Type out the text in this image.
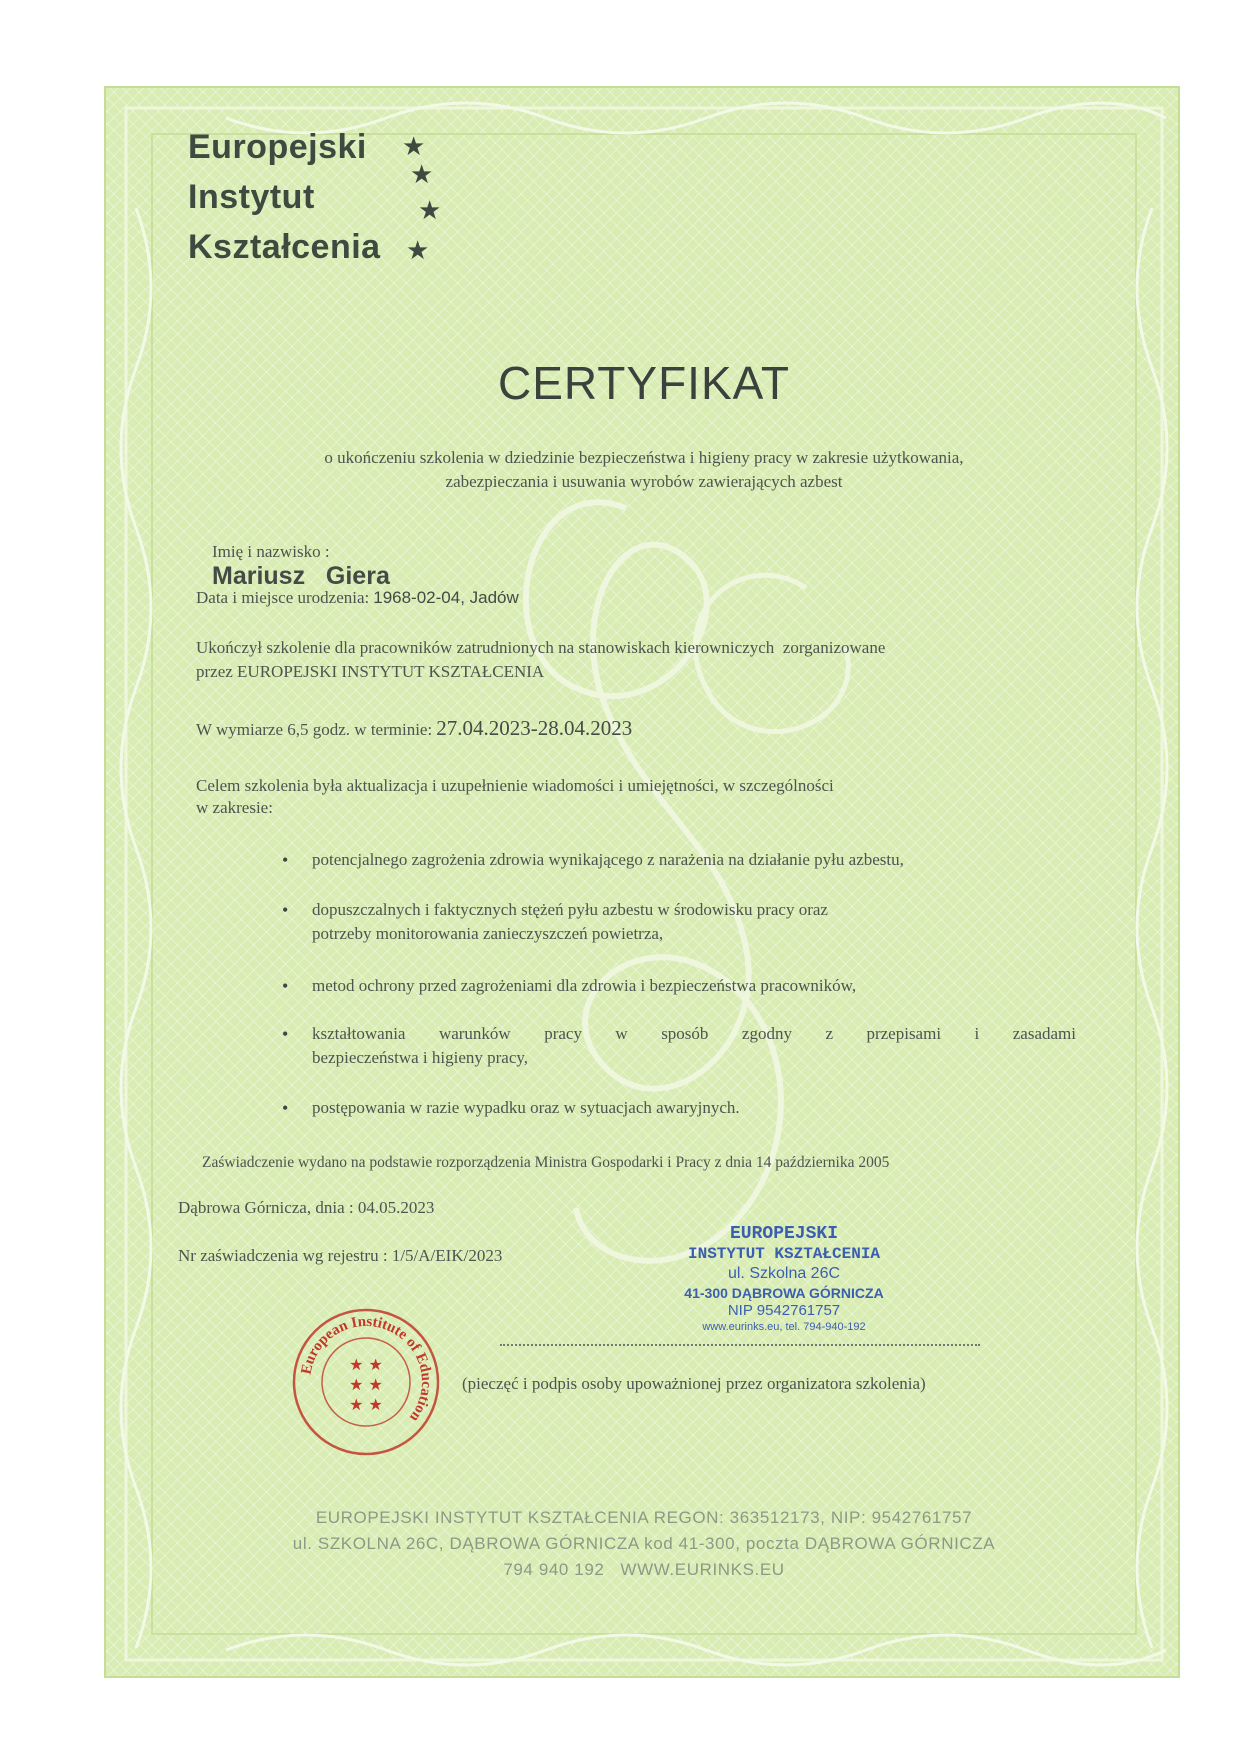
Europejski
Instytut
Kształcenia
★
★
★
★
CERTYFIKAT
o ukończeniu szkolenia w dziedzinie bezpieczeństwa i higieny pracy w zakresie użytkowania,
zabezpieczania i usuwania wyrobów zawierających azbest

Imię i nazwisko :
Mariusz   Giera

Data i miejsce urodzenia: 1968-02-04, Jadów
Ukończył szkolenie dla pracowników zatrudnionych na stanowiskach kierowniczych  zorganizowane
przez EUROPEJSKI INSTYTUT KSZTAŁCENIA
W wymiarze 6,5 godz. w terminie: 27.04.2023-28.04.2023
Celem szkolenia była aktualizacja i uzupełnienie wiadomości i umiejętności, w szczególności
w zakresie:
• potencjalnego zagrożenia zdrowia wynikającego z narażenia na działanie pyłu azbestu,
• dopuszczalnych i faktycznych stężeń pyłu azbestu w środowisku pracy oraz
potrzeby monitorowania zanieczyszczeń powietrza,
• metod ochrony przed zagrożeniami dla zdrowia i bezpieczeństwa pracowników,
• kształtowania warunków pracy w sposób zgodny z przepisami i zasadami
bezpieczeństwa i higieny pracy,
• postępowania w razie wypadku oraz w sytuacjach awaryjnych.
Zaświadczenie wydano na podstawie rozporządzenia Ministra Gospodarki i Pracy z dnia 14 października 2005
Dąbrowa Górnicza, dnia : 04.05.2023
Nr zaświadczenia wg rejestru : 1/5/A/EIK/2023
EUROPEJSKI
INSTYTUT KSZTAŁCENIA
ul. Szkolna 26C
41-300 DĄBROWA GÓRNICZA
NIP 9542761757
www.eurinks.eu, tel. 794-940-192
(pieczęć i podpis osoby upoważnionej przez organizatora szkolenia)
European Institute of Education
★ ★
★ ★
★ ★
EUROPEJSKI INSTYTUT KSZTAŁCENIA REGON: 363512173, NIP: 9542761757
ul. SZKOLNA 26C, DĄBROWA GÓRNICZA kod 41-300, poczta DĄBROWA GÓRNICZA
794 940 192   WWW.EURINKS.EU
